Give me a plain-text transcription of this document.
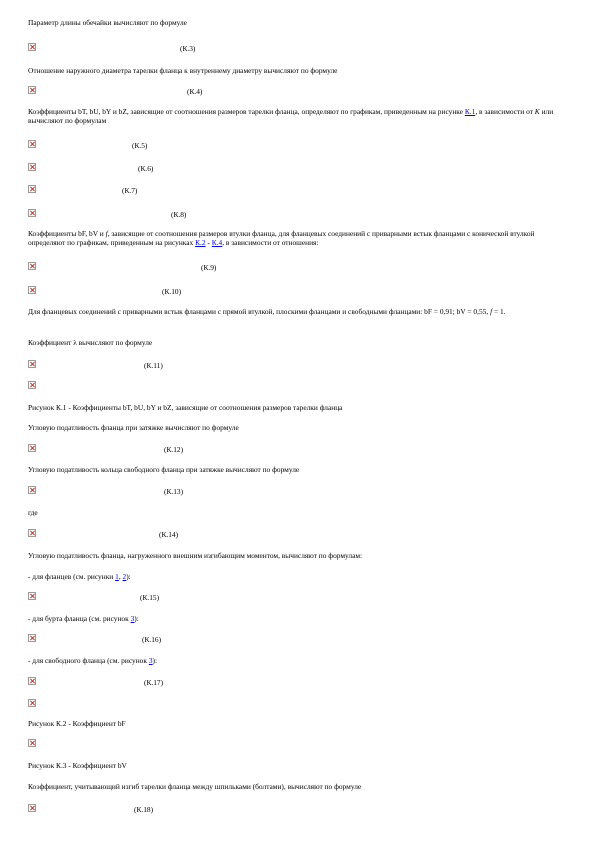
Параметр длины обечайки вычисляют по формуле

(К.3)

Отношение наружного диаметра тарелки фланца к внутреннему диаметру вычисляют по формуле

(К.4)

Коэффициенты bT, bU, bY и bZ, зависящие от соотношения размеров тарелки фланца, определяют по графикам, приведенным на рисунке К.1, в зависимости от K или вычисляют по формулам

(К.5)
(К.6)
(К.7)
(К.8)

Коэффициенты bF, bV и f, зависящие от соотношения размеров втулки фланца, для фланцевых соединений с приварными встык фланцами с конической втулкой определяют по графикам, приведенным на рисунках К.2 - К.4, в зависимости от отношения:

(К.9)
(К.10)

Для фланцевых соединений с приварными встык фланцами с прямой втулкой, плоскими фланцами и свободными фланцами: bF = 0,91; bV = 0,55, f = 1.

Коэффициент λ вычисляют по формуле

(К.11)

Рисунок К.1 - Коэффициенты bT, bU, bY и bZ, зависящие от соотношения размеров тарелки фланца

Угловую податливость фланца при затяжке вычисляют по формуле

(К.12)

Угловую податливость кольца свободного фланца при затяжке вычисляют по формуле

(К.13)

где

(К.14)

Угловую податливость фланца, нагруженного внешним изгибающим моментом, вычисляют по формулам:

- для фланцев (см. рисунки 1, 2):

(К.15)

- для бурта фланца (см. рисунок 3):

(К.16)

- для свободного фланца (см. рисунок 3):

(К.17)

Рисунок К.2 - Коэффициент bF

Рисунок К.3 - Коэффициент bV

Коэффициент, учитывающий изгиб тарелки фланца между шпильками (болтами), вычисляют по формуле

(К.18)
